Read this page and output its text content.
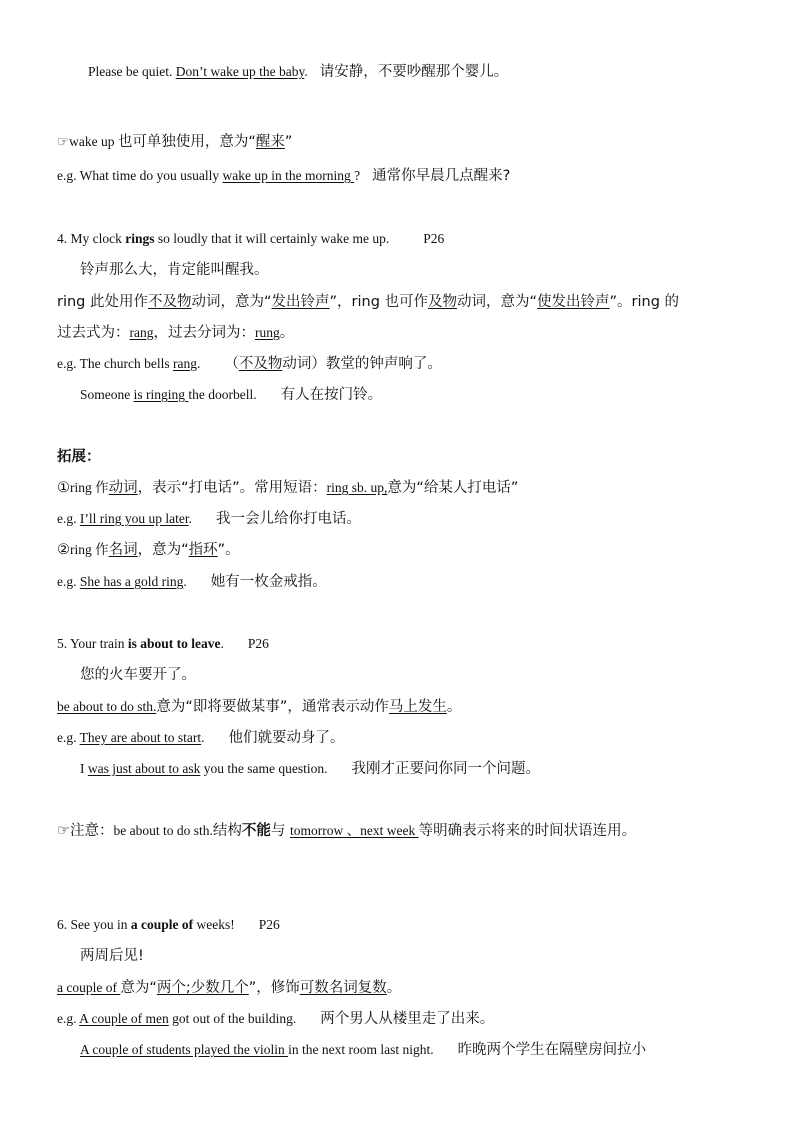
Please be quiet. Don’t wake up the baby. 请安静，不要吵醒那个婴儿。
☞wake up 也可单独使用，意为“醒来”
e.g. What time do you usually wake up in the morning ? 通常你早晨几点醒来?
4. My clock rings so loudly that it will certainly wake me up.	P26
铃声那么大，肯定能叫醒我。
ring 此处用作不及物动词，意为“发出铃声”，ring 也可作及物动词，意为“使发出铃声”。ring 的
过去式为：rang，过去分词为：rung。
e.g. The church bells rang. （不及物动词）教堂的钟声响了。
Someone is ringing the doorbell. 有人在按门铃。
拓展：
①ring 作动词，表示“打电话”。常用短语：ring sb. up,意为“给某人打电话”
e.g. I’ll ring you up later. 我一会儿给你打电话。
②ring 作名词，意为“指环”。
e.g. She has a gold ring. 她有一枚金戒指。
5. Your train is about to leave. P26
您的火车要开了。
be about to do sth.意为“即将要做某事”，通常表示动作马上发生。
e.g. They are about to start. 他们就要动身了。
I was just about to ask you the same question. 我刚才正要问你同一个问题。
☞注意：be about to do sth.结构不能与 tomorrow 、next week 等明确表示将来的时间状语连用。
6. See you in a couple of weeks! P26
两周后见!
a couple of 意为“两个;少数几个”，修饰可数名词复数。
e.g. A couple of men got out of the building. 两个男人从楼里走了出来。
A couple of students played the violin in the next room last night. 昨晚两个学生在隔壁房间拉小
